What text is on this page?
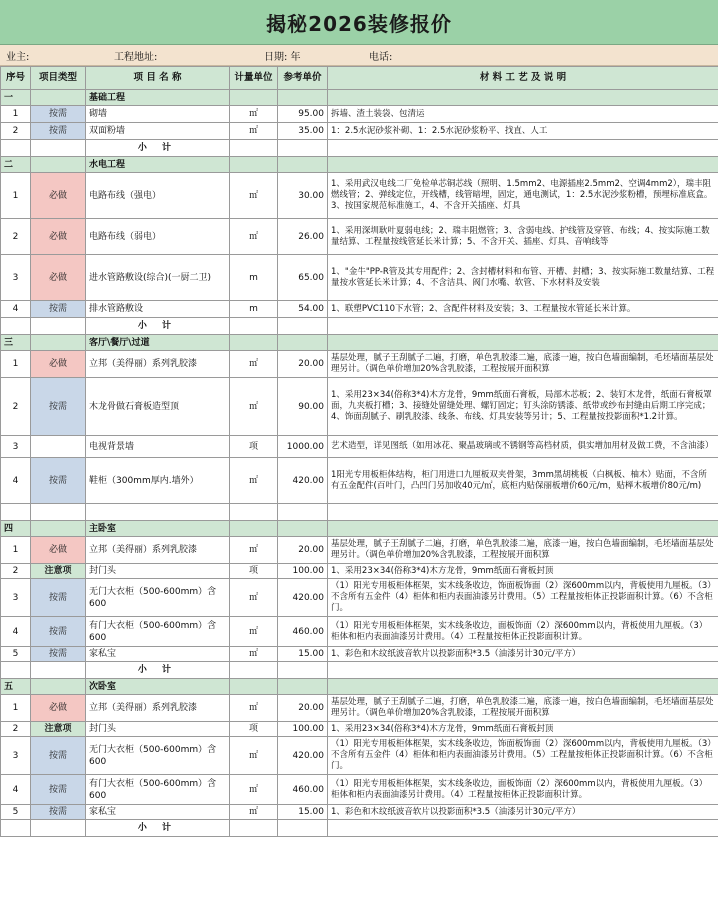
揭秘2026装修报价
业主:	工程地址:	日期: 年	电话:
序号	项目类型	项 目 名 称	计量单位	参考单价	材 料 工 艺 及 说 明
一		基础工程			
1	按需	砌墙	㎡	95.00	拆墙、渣土装袋、包清运
2	按需	双面粉墙	㎡	35.00	1：2.5水泥砂浆补砌、1：2.5水泥砂浆粉平、找直、人工
		小 计			
二		水电工程			
1	必做	电路布线（强电）	㎡	30.00	1、采用武汉电线二厂免检单芯铜芯线（照明、1.5mm2、电源插座2.5mm2、空调4mm2），瑞丰阻燃线管；2、弹线定位，开线槽，线管暗埋，固定，通电测试，1：2.5水泥沙浆粉槽，预埋标准底盒。3、按国家规范标准施工，4、不含开关插座、灯具
2	必做	电路布线（弱电）	㎡	26.00	1、采用深圳耿叶夏弱电线；2、瑞丰阻燃管；3、含弱电线、护线管及穿管、布线；4、按实际施工数量结算、工程量按线管延长米计算；5、不含开关、插座、灯具、音响线等
3	必做	进水管路敷设(综合)(一厨二卫)	m	65.00	1、"金牛"PP-R管及其专用配件；2、含封槽材料和布管、开槽、封槽；3、按实际施工数量结算、工程量按水管延长米计算；4、不含洁具、阀门水嘴、软管、下水材料及安装
4	按需	排水管路敷设	m	54.00	1、联塑PVC110下水管；2、含配件材料及安装；3、工程量按水管延长米计算。
		小 计			
三		客厅\餐厅\过道			
1	必做	立邦（美得丽）系列乳胶漆	㎡	20.00	基层处理，腻子王刮腻子二遍，打磨，单色乳胶漆二遍，底漆一遍，按白色墙面编制，毛坯墙面基层处理另计。（调色单价增加20%含乳胶漆，工程按展开面积算
2	按需	木龙骨做石膏板造型顶	㎡	90.00	1、采用23×34(俗称3*4)木方龙骨，9mm纸面石膏板，局部木芯板；2、装钉木龙骨，纸面石膏板罩面，九夹板打槽；3、接缝处留缝处理、螺钉固定；钉头涂防锈漆、纸带或纱布封缝由后期工序完成；4、饰面刮腻子、刷乳胶漆、线条、布线、灯具安装等另计；5、工程量按投影面积*1.2计算。
3		电视背景墙	项	1000.00	艺术造型，详见图纸（如用冰花、聚晶玻璃或不锈钢等高档材质，俱实增加用材及做工费，不含油漆）
4	按需	鞋柜（300mm厚内.墙外）	㎡	420.00	1阳光专用板柜体结构，柜门用进口九厘板双夹骨架，3mm黑胡桃板（白枫板、柚木）贴面，不含所有五金配件(百叶门，凸凹门另加收40元/㎡，底柜内贴保丽板增价60元/m，贴榉木板增价80元/m)

四		主卧室			
1	必做	立邦（美得丽）系列乳胶漆	㎡	20.00	基层处理，腻子王刮腻子二遍，打磨，单色乳胶漆二遍，底漆一遍，按白色墙面编制，毛坯墙面基层处理另计。（调色单价增加20%含乳胶漆，工程按展开面积算
2	注意项	封门头	项	100.00	1、采用23×34(俗称3*4)木方龙骨，9mm纸面石膏板封顶
3	按需	无门大衣柜（500-600mm）含600	㎡	420.00	（1）阳光专用板柜体框架，实木线条收边，饰面板饰面（2）深600mm以内，背板使用九厘板。（3）不含所有五金件（4）柜体和柜内表面油漆另计费用。（5）工程量按柜体正投影面积计算。（6）不含柜门。
4	按需	有门大衣柜（500-600mm）含600	㎡	460.00	（1）阳光专用板柜体框架，实木线条收边，面板饰面（2）深600mm以内，背板使用九厘板。（3）柜体和柜内表面油漆另计费用。（4）工程量按柜体正投影面积计算。
5	按需	家私宝	㎡	15.00	1、彩色和木纹纸波音软片以投影面积*3.5（油漆另计30元/平方）
		小 计			
五		次卧室			
1	必做	立邦（美得丽）系列乳胶漆	㎡	20.00	基层处理，腻子王刮腻子二遍，打磨，单色乳胶漆二遍，底漆一遍，按白色墙面编制，毛坯墙面基层处理另计。（调色单价增加20%含乳胶漆，工程按展开面积算
2	注意项	封门头	项	100.00	1、采用23×34(俗称3*4)木方龙骨，9mm纸面石膏板封顶
3	按需	无门大衣柜（500-600mm）含600	㎡	420.00	（1）阳光专用板柜体框架，实木线条收边，饰面板饰面（2）深600mm以内，背板使用九厘板。（3）不含所有五金件（4）柜体和柜内表面油漆另计费用。（5）工程量按柜体正投影面积计算。（6）不含柜门。
4	按需	有门大衣柜（500-600mm）含600	㎡	460.00	（1）阳光专用板柜体框架，实木线条收边，面板饰面（2）深600mm以内，背板使用九厘板。（3）柜体和柜内表面油漆另计费用。（4）工程量按柜体正投影面积计算。
5	按需	家私宝	㎡	15.00	1、彩色和木纹纸波音软片以投影面积*3.5（油漆另计30元/平方）
		小 计			
